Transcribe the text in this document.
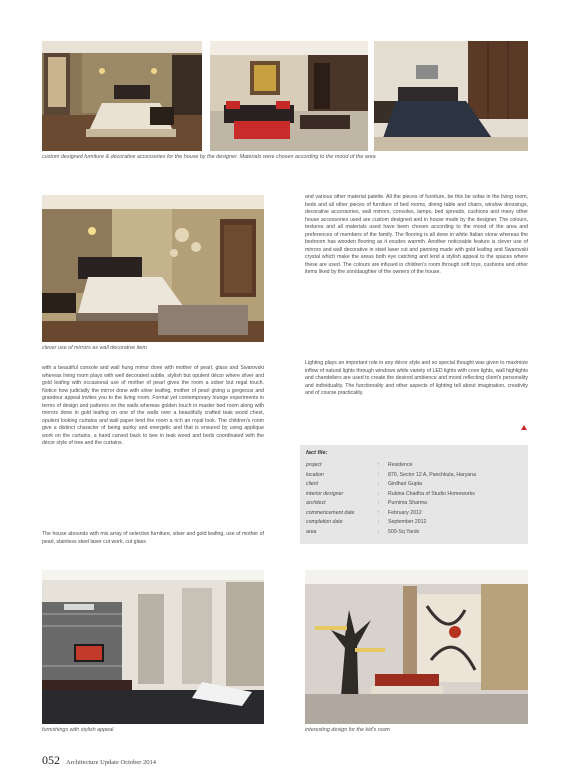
custom designed furniture & decorative accessories for the house by the designer. Materials were chosen according to the mood of the area
clever use of mirrors as wall decorative item

with a beautiful console and wall hung mirror done with mother of pearl, glass and Swarovski whereas living room plays with well decorated subtle, stylish but opulent décor where silver and gold leafing with occasional use of mother of pearl gives the room a sober but regal touch. Notice how judicially the mirror done with silver leafing, mother of pearl giving a gorgeous and grandeur appeal invites you to the living room. Formal yet contemporary lounge experiments in terms of design and patterns on the walls whereas golden touch in master bed room along with mirrors done in gold leafing on one of the walls over a beautifully crafted teak wood chest, opulent looking curtains and wall paper lend the room a rich an royal look. The children's room give a distinct character of being quirky and energetic and that is ensured by using applique work on the curtains, a hand carved back to bee in teak wood and beds coordinated with the décor style of tree and the curtains.

The house abounds with mis array of selective furniture, silver and gold leafing, use of mother of pearl, stainless steel laser cut work, cut glass

and various other material palette. All the pieces of furniture, be this be sofas in the living room, beds and all other pieces of furniture of bed rooms, dining table and chairs, window dressings, decorative accessories, wall mirrors, consoles, lamps, bed spreads, cushions and many other house accessories used are custom designed and in house made by the designer. The colours, textures and all materials used have been chosen according to the mood of the area and preferences of members of the family. The flooring is all done in white Italian stone whereas the bedroom has wooden flooring as it exudes warmth. Another noticeable feature is clever use of mirrors and wall decorative in steel laser cut and panning made with gold leafing and Swarovski crystal which make the areas both eye catching and lend a stylish appeal to the spaces where these are used. The colours are infused in children's room through soft toys, cushions and other items liked by the son/daughter of the owners of the house.

Lighting plays an important role in any décor style and so special thought was given to maximize inflow of natural lights through windows while variety of LED lights with cove lights, wall highlights and chandeliers are used to create the desired ambience and mood reflecting client's personality and individuality. The functionality and other aspects of lighting tell about imagination, creativity and of course practicality.

fact file:
project	: Residence
location	: 870, Sector 12 A, Panchkula, Haryana
client	: Girdhari Gupta
interior designer	: Rubina Chadha of Studio Homeworks
architect	: Purnima Sharma
commencement date	: February 2012
completion date	: September 2012
area	: 500-Sq Yards
furnishings with stylish appeal	interesting design for the kid's room
052 Architecture Update October 2014
